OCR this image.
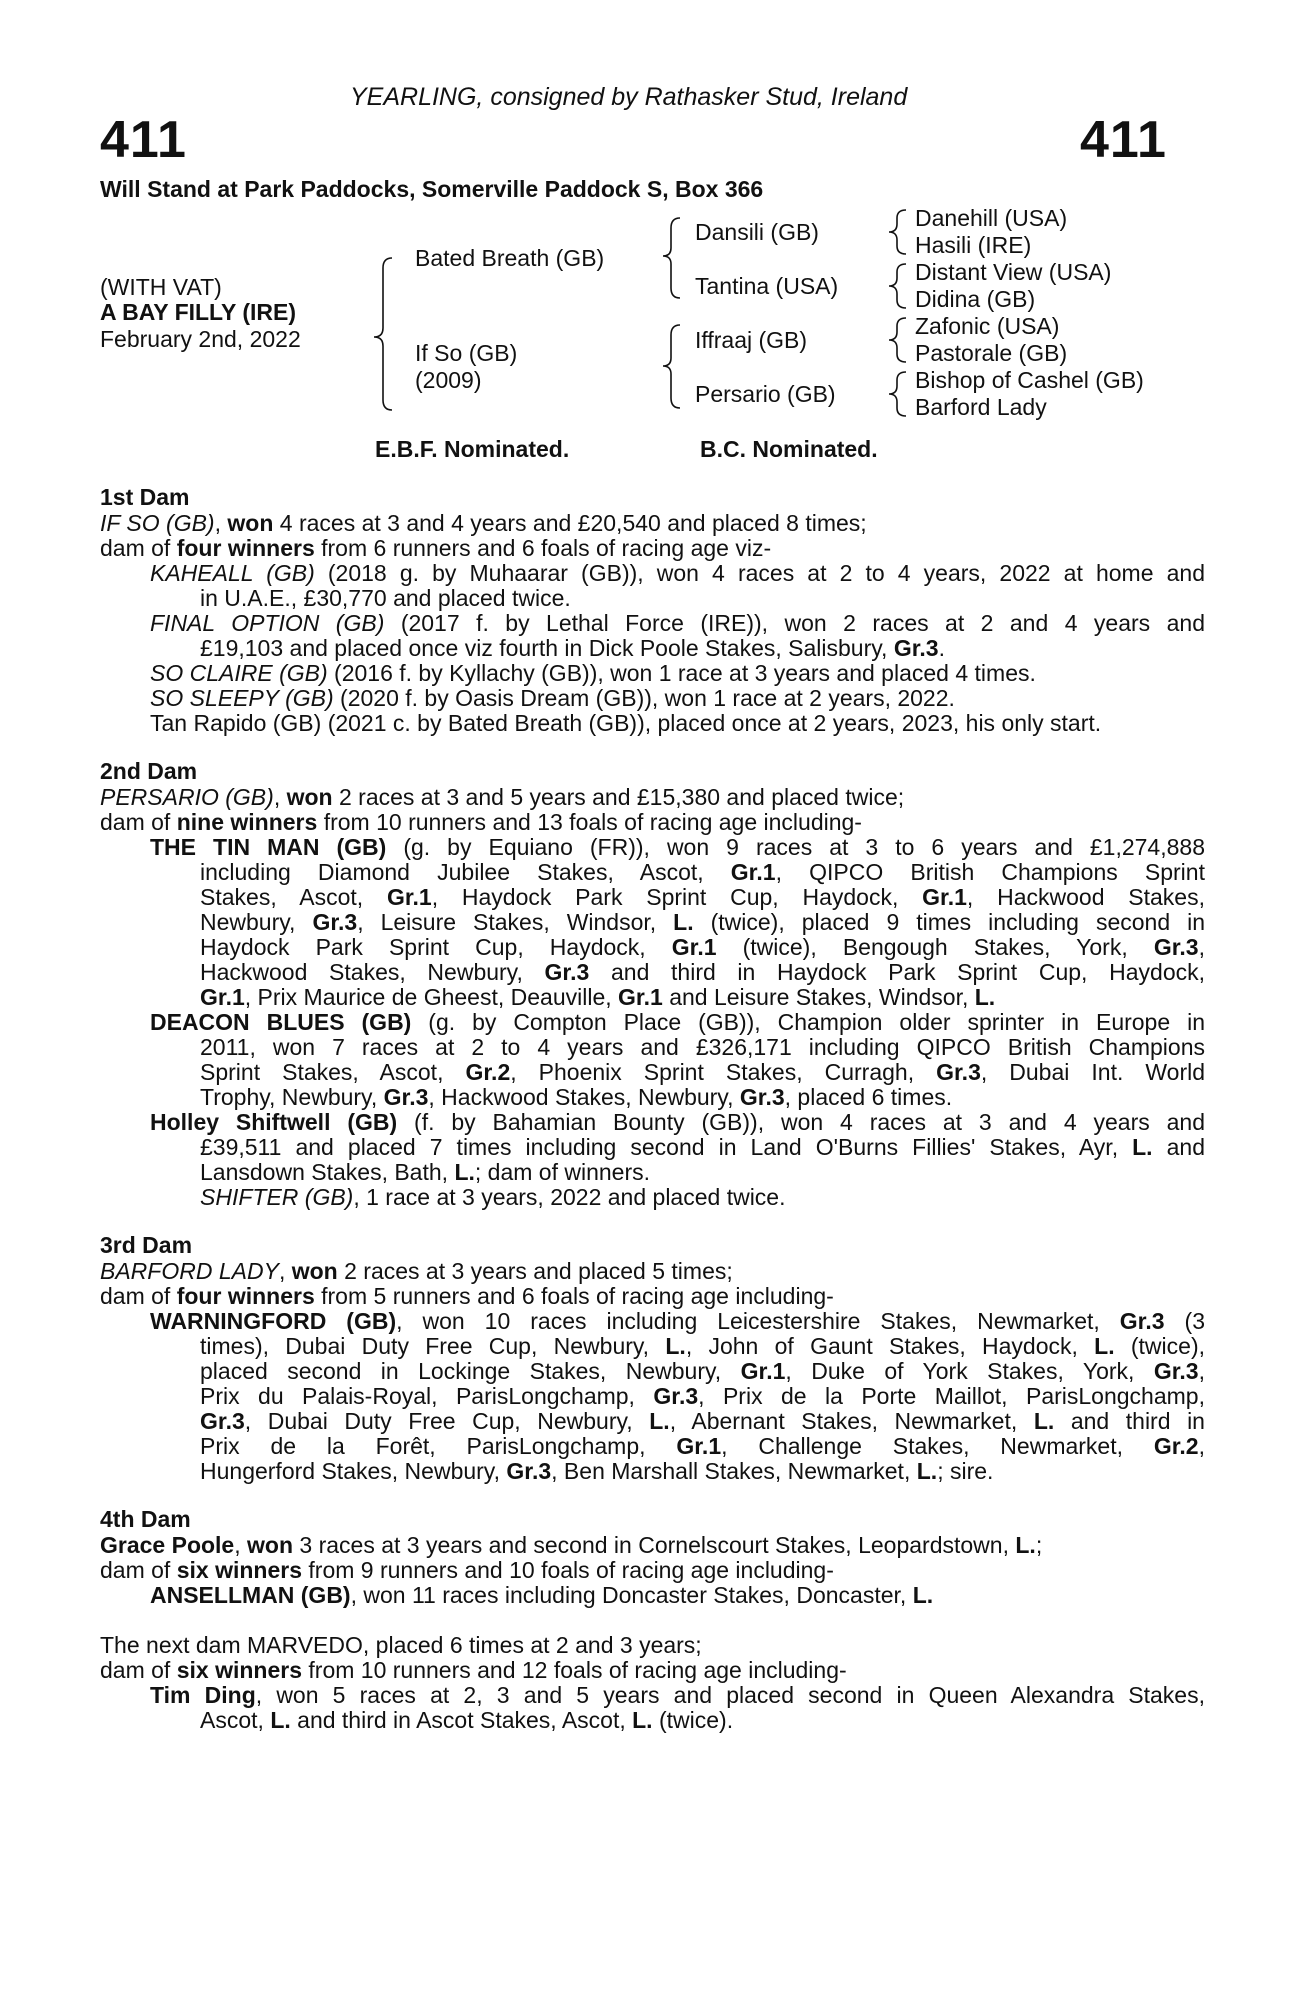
YEARLING, consigned by Rathasker Stud, Ireland
411	411
Will Stand at Park Paddocks, Somerville Paddock S, Box 366
(WITH VAT)
A BAY FILLY (IRE)
February 2nd, 2022
Bated Breath (GB)
If So (GB)
(2009)
Dansili (GB)
Tantina (USA)
Iffraaj (GB)
Persario (GB)
Danehill (USA)
Hasili (IRE)
Distant View (USA)
Didina (GB)
Zafonic (USA)
Pastorale (GB)
Bishop of Cashel (GB)
Barford Lady
E.B.F. Nominated.	B.C. Nominated.
1st Dam
IF SO (GB), won 4 races at 3 and 4 years and £20,540 and placed 8 times;
dam of four winners from 6 runners and 6 foals of racing age viz-
KAHEALL (GB) (2018 g. by Muhaarar (GB)), won 4 races at 2 to 4 years, 2022 at home and
in U.A.E., £30,770 and placed twice.
FINAL OPTION (GB) (2017 f. by Lethal Force (IRE)), won 2 races at 2 and 4 years and
£19,103 and placed once viz fourth in Dick Poole Stakes, Salisbury, Gr.3.
SO CLAIRE (GB) (2016 f. by Kyllachy (GB)), won 1 race at 3 years and placed 4 times.
SO SLEEPY (GB) (2020 f. by Oasis Dream (GB)), won 1 race at 2 years, 2022.
Tan Rapido (GB) (2021 c. by Bated Breath (GB)), placed once at 2 years, 2023, his only start.
2nd Dam
PERSARIO (GB), won 2 races at 3 and 5 years and £15,380 and placed twice;
dam of nine winners from 10 runners and 13 foals of racing age including-
THE TIN MAN (GB) (g. by Equiano (FR)), won 9 races at 3 to 6 years and £1,274,888
including Diamond Jubilee Stakes, Ascot, Gr.1, QIPCO British Champions Sprint
Stakes, Ascot, Gr.1, Haydock Park Sprint Cup, Haydock, Gr.1, Hackwood Stakes,
Newbury, Gr.3, Leisure Stakes, Windsor, L. (twice), placed 9 times including second in
Haydock Park Sprint Cup, Haydock, Gr.1 (twice), Bengough Stakes, York, Gr.3,
Hackwood Stakes, Newbury, Gr.3 and third in Haydock Park Sprint Cup, Haydock,
Gr.1, Prix Maurice de Gheest, Deauville, Gr.1 and Leisure Stakes, Windsor, L.
DEACON BLUES (GB) (g. by Compton Place (GB)), Champion older sprinter in Europe in
2011, won 7 races at 2 to 4 years and £326,171 including QIPCO British Champions
Sprint Stakes, Ascot, Gr.2, Phoenix Sprint Stakes, Curragh, Gr.3, Dubai Int. World
Trophy, Newbury, Gr.3, Hackwood Stakes, Newbury, Gr.3, placed 6 times.
Holley Shiftwell (GB) (f. by Bahamian Bounty (GB)), won 4 races at 3 and 4 years and
£39,511 and placed 7 times including second in Land O'Burns Fillies' Stakes, Ayr, L. and
Lansdown Stakes, Bath, L.; dam of winners.
SHIFTER (GB), 1 race at 3 years, 2022 and placed twice.
3rd Dam
BARFORD LADY, won 2 races at 3 years and placed 5 times;
dam of four winners from 5 runners and 6 foals of racing age including-
WARNINGFORD (GB), won 10 races including Leicestershire Stakes, Newmarket, Gr.3 (3
times), Dubai Duty Free Cup, Newbury, L., John of Gaunt Stakes, Haydock, L. (twice),
placed second in Lockinge Stakes, Newbury, Gr.1, Duke of York Stakes, York, Gr.3,
Prix du Palais-Royal, ParisLongchamp, Gr.3, Prix de la Porte Maillot, ParisLongchamp,
Gr.3, Dubai Duty Free Cup, Newbury, L., Abernant Stakes, Newmarket, L. and third in
Prix de la Forêt, ParisLongchamp, Gr.1, Challenge Stakes, Newmarket, Gr.2,
Hungerford Stakes, Newbury, Gr.3, Ben Marshall Stakes, Newmarket, L.; sire.
4th Dam
Grace Poole, won 3 races at 3 years and second in Cornelscourt Stakes, Leopardstown, L.;
dam of six winners from 9 runners and 10 foals of racing age including-
ANSELLMAN (GB), won 11 races including Doncaster Stakes, Doncaster, L.
The next dam MARVEDO, placed 6 times at 2 and 3 years;
dam of six winners from 10 runners and 12 foals of racing age including-
Tim Ding, won 5 races at 2, 3 and 5 years and placed second in Queen Alexandra Stakes,
Ascot, L. and third in Ascot Stakes, Ascot, L. (twice).
